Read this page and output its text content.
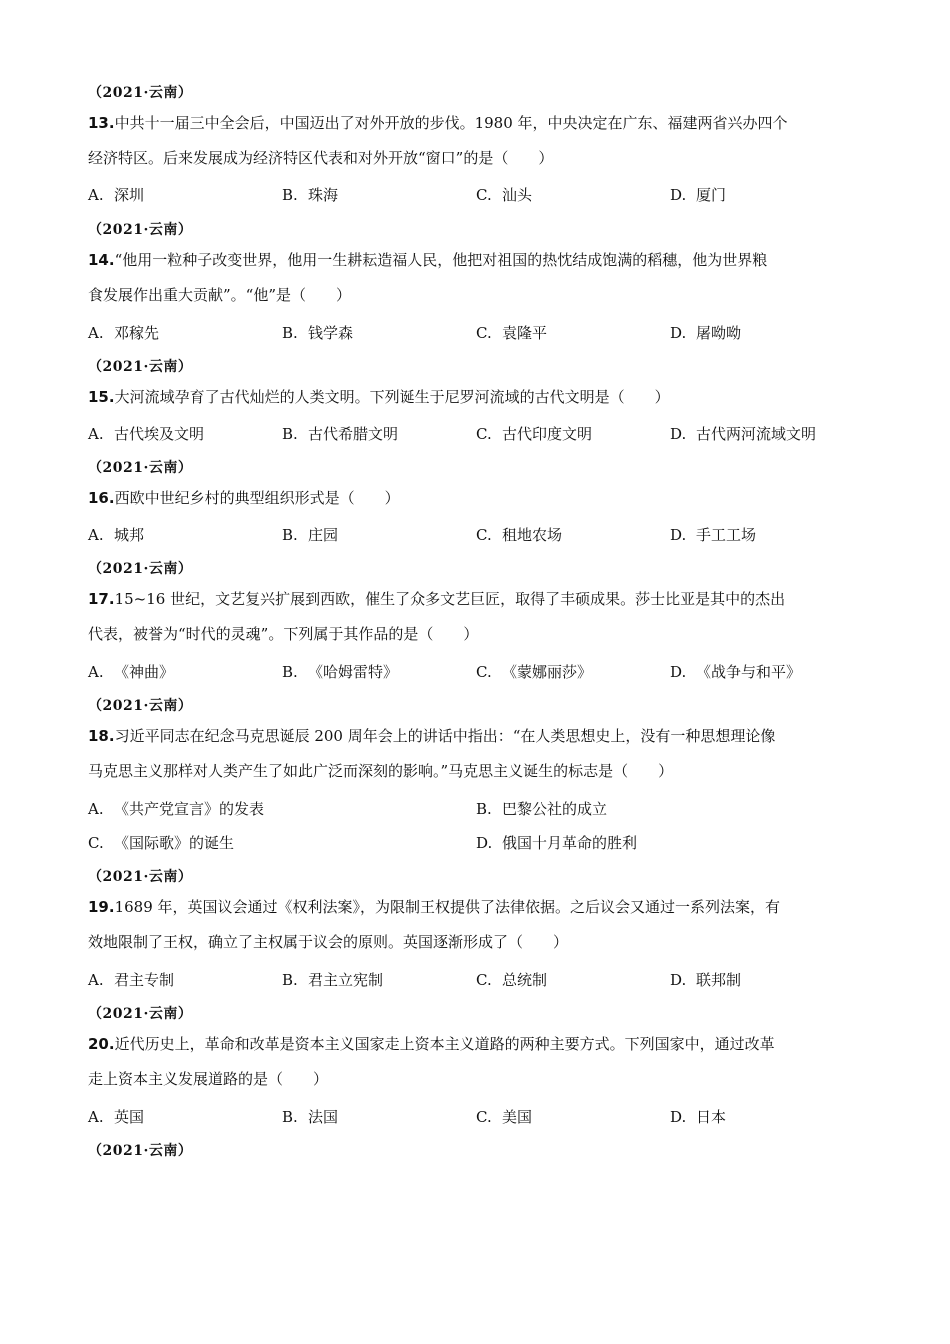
（2021·云南）
13.中共十一届三中全会后，中国迈出了对外开放的步伐。1980 年，中央决定在广东、福建两省兴办四个
经济特区。后来发展成为经济特区代表和对外开放“窗口”的是（　　）
A. 深圳	B. 珠海	C. 汕头	D. 厦门
（2021·云南）
14.“他用一粒种子改变世界，他用一生耕耘造福人民，他把对祖国的热忱结成饱满的稻穗，他为世界粮
食发展作出重大贡献”。“他”是（　　）
A. 邓稼先	B. 钱学森	C. 袁隆平	D. 屠呦呦
（2021·云南）
15.大河流域孕育了古代灿烂的人类文明。下列诞生于尼罗河流域的古代文明是（　　）
A. 古代埃及文明	B. 古代希腊文明	C. 古代印度文明	D. 古代两河流域文明
（2021·云南）
16.西欧中世纪乡村的典型组织形式是（　　）
A. 城邦	B. 庄园	C. 租地农场	D. 手工工场
（2021·云南）
17.15~16 世纪，文艺复兴扩展到西欧，催生了众多文艺巨匠，取得了丰硕成果。莎士比亚是其中的杰出
代表，被誉为“时代的灵魂”。下列属于其作品的是（　　）
A. 《神曲》	B. 《哈姆雷特》	C. 《蒙娜丽莎》	D. 《战争与和平》
（2021·云南）
18.习近平同志在纪念马克思诞辰 200 周年会上的讲话中指出：“在人类思想史上，没有一种思想理论像
马克思主义那样对人类产生了如此广泛而深刻的影响。”马克思主义诞生的标志是（　　）
A. 《共产党宣言》的发表	B. 巴黎公社的成立
C. 《国际歌》的诞生	D. 俄国十月革命的胜利
（2021·云南）
19.1689 年，英国议会通过《权利法案》，为限制王权提供了法律依据。之后议会又通过一系列法案，有
效地限制了王权，确立了主权属于议会的原则。英国逐渐形成了（　　）
A. 君主专制	B. 君主立宪制	C. 总统制	D. 联邦制
（2021·云南）
20.近代历史上，革命和改革是资本主义国家走上资本主义道路的两种主要方式。下列国家中，通过改革
走上资本主义发展道路的是（　　）
A. 英国	B. 法国	C. 美国	D. 日本
（2021·云南）
